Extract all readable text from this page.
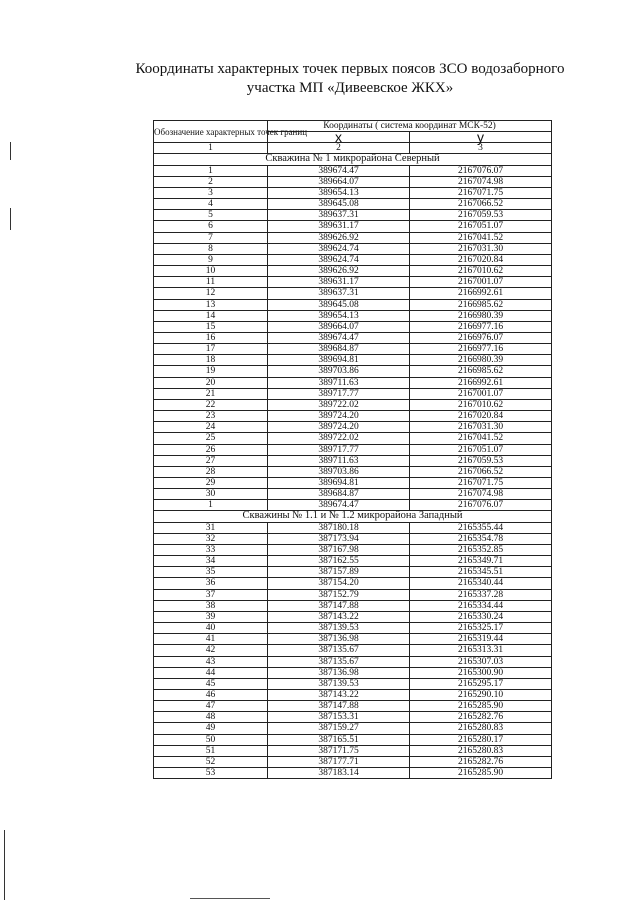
Координаты характерных точек первых поясов ЗСО водозаборного
участка МП «Дивеевское ЖКХ»
Обозначение характерных точек границ	Координаты ( система координат МСК-52)	
	x	y
1	2	3
Скважина № 1 микрорайона Северный		
1	389674.47	2167076.07
2	389664.07	2167074.98
3	389654.13	2167071.75
4	389645.08	2167066.52
5	389637.31	2167059.53
6	389631.17	2167051.07
7	389626.92	2167041.52
8	389624.74	2167031.30
9	389624.74	2167020.84
10	389626.92	2167010.62
11	389631.17	2167001.07
12	389637.31	2166992.61
13	389645.08	2166985.62
14	389654.13	2166980.39
15	389664.07	2166977.16
16	389674.47	2166976.07
17	389684.87	2166977.16
18	389694.81	2166980.39
19	389703.86	2166985.62
20	389711.63	2166992.61
21	389717.77	2167001.07
22	389722.02	2167010.62
23	389724.20	2167020.84
24	389724.20	2167031.30
25	389722.02	2167041.52
26	389717.77	2167051.07
27	389711.63	2167059.53
28	389703.86	2167066.52
29	389694.81	2167071.75
30	389684.87	2167074.98
1	389674.47	2167076.07
Скважины № 1.1 и № 1.2 микрорайона Западный		
31	387180.18	2165355.44
32	387173.94	2165354.78
33	387167.98	2165352.85
34	387162.55	2165349.71
35	387157.89	2165345.51
36	387154.20	2165340.44
37	387152.79	2165337.28
38	387147.88	2165334.44
39	387143.22	2165330.24
40	387139.53	2165325.17
41	387136.98	2165319.44
42	387135.67	2165313.31
43	387135.67	2165307.03
44	387136.98	2165300.90
45	387139.53	2165295.17
46	387143.22	2165290.10
47	387147.88	2165285.90
48	387153.31	2165282.76
49	387159.27	2165280.83
50	387165.51	2165280.17
51	387171.75	2165280.83
52	387177.71	2165282.76
53	387183.14	2165285.90
